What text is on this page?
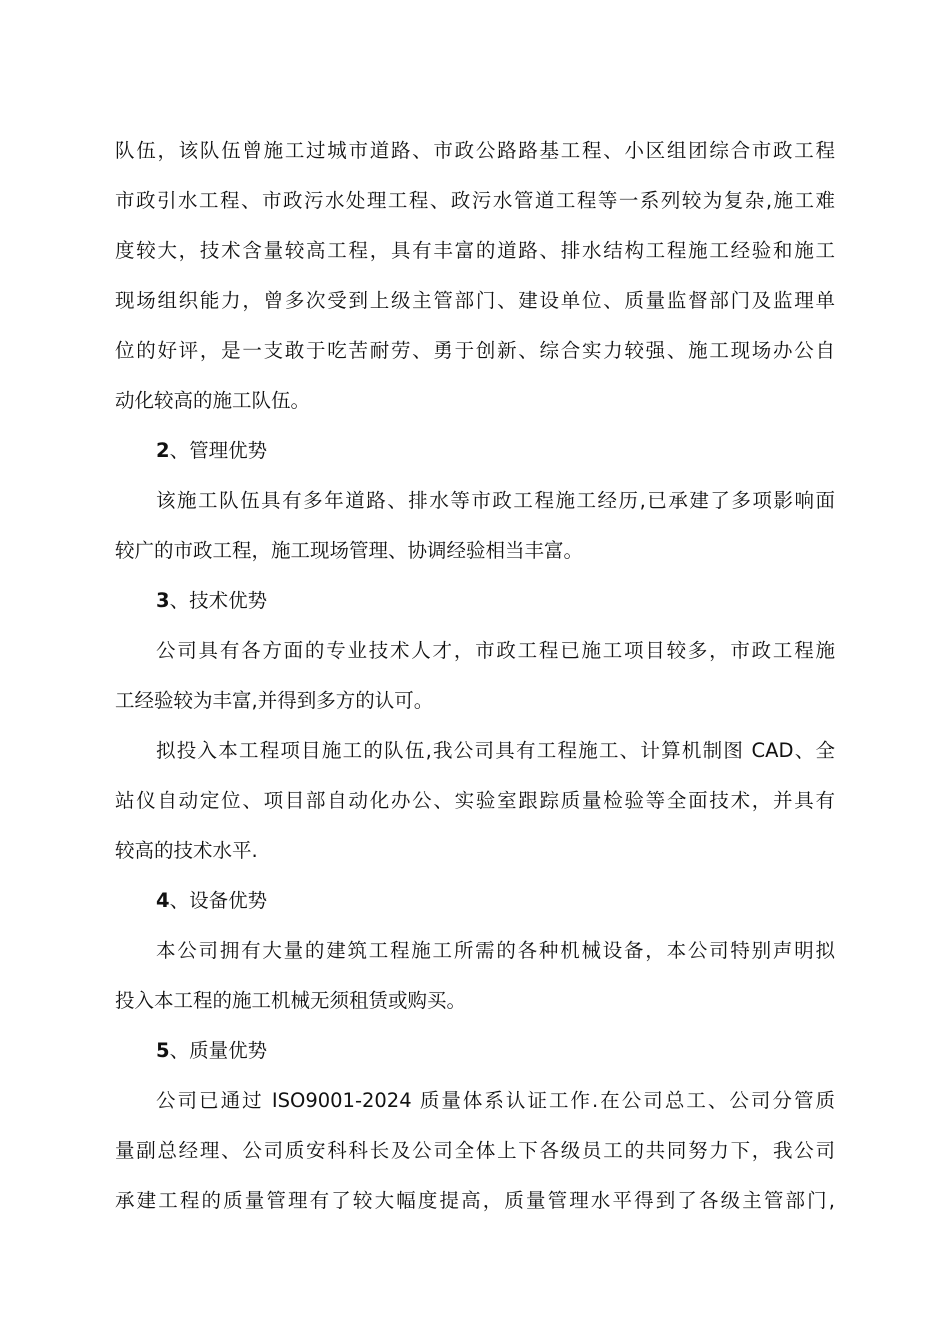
队伍，该队伍曾施工过城市道路、市政公路路基工程、小区组团综合市政工程
市政引水工程、市政污水处理工程、政污水管道工程等一系列较为复杂,施工难
度较大，技术含量较高工程，具有丰富的道路、排水结构工程施工经验和施工
现场组织能力，曾多次受到上级主管部门、建设单位、质量监督部门及监理单
位的好评，是一支敢于吃苦耐劳、勇于创新、综合实力较强、施工现场办公自
动化较高的施工队伍。
2、管理优势
该施工队伍具有多年道路、排水等市政工程施工经历,已承建了多项影响面
较广的市政工程，施工现场管理、协调经验相当丰富。
3、技术优势
公司具有各方面的专业技术人才，市政工程已施工项目较多，市政工程施
工经验较为丰富,并得到多方的认可。
拟投入本工程项目施工的队伍,我公司具有工程施工、计算机制图 CAD、全
站仪自动定位、项目部自动化办公、实验室跟踪质量检验等全面技术，并具有
较高的技术水平.
4、设备优势
本公司拥有大量的建筑工程施工所需的各种机械设备，本公司特别声明拟
投入本工程的施工机械无须租赁或购买。
5、质量优势
公司已通过 ISO9001-2024 质量体系认证工作.在公司总工、公司分管质
量副总经理、公司质安科科长及公司全体上下各级员工的共同努力下，我公司
承建工程的质量管理有了较大幅度提高，质量管理水平得到了各级主管部门,
